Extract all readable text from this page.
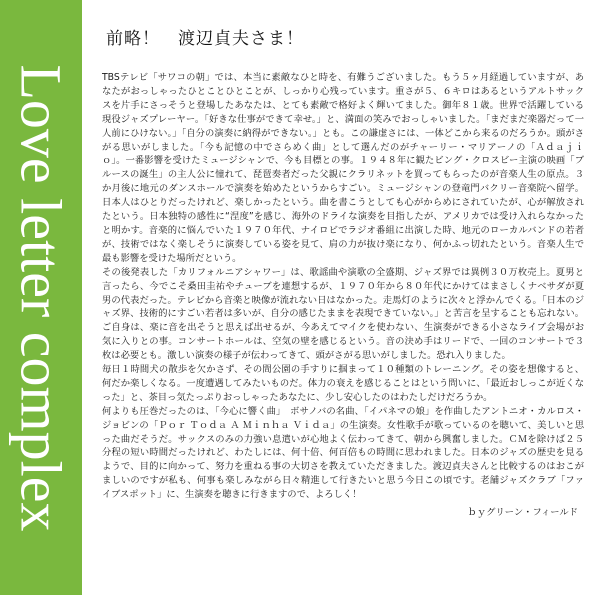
Love letter complex
前略！　渡辺貞夫さま！

TBSテレビ「サワコの朝」では、本当に素敵なひと時を、有難うございました。もう５ヶ月経過していますが、あなたがおっしゃったひとことひとことが、しっかり心残っています。重さが５、６キロはあるというアルトサックスを片手にさっそうと登場したあなたは、とても素敵で格好よく輝いてました。御年８１歳。世界で活躍している現役ジャズプレーヤー。「好きな仕事ができて幸せ。」と、満面の笑みでおっしゃいました。「まだまだ楽器だって一人前にひけない。」「自分の演奏に納得ができない。」とも。この謙虚さには、一体どこから来るのだろうか。頭がさがる思いがしました。「今も記憶の中でさらめく曲」として選んだのがチャーリー・マリアーノの「Ａｄａｊｉｏ」。一番影響を受けたミュージシャンで、今も目標との事。１９４８年に観たビング・クロスビー主演の映画「ブルースの誕生」の主人公に憧れて、琵琶奏者だった父親にクラリネットを買ってもらったのが音楽人生の原点。３か月後に地元のダンスホールで演奏を始めたというからすごい。ミュージシャンの登竜門バクリー音楽院へ留学。日本人はひとりだったけれど、楽しかったという。曲を書こうとしても心がからめにされていたが、心が解放されたという。日本独特の感性に“涅度”を感じ、海外のドライな演奏を目指したが、アメリカでは受け入れらなかったと明かす。音楽的に悩んでいた１９７０年代、ナイロビでラジオ番組に出演した時、地元のローカルバンドの若者が、技術ではなく楽しそうに演奏している姿を見て、肩の力が抜け楽になり、何かふっ切れたという。音楽人生で最も影響を受けた場所だという。

その後発表した「カリフォルニアシャワー」は、歌謡曲や演歌の全盛期、ジャズ界では異例３０万枚売上。夏男と言ったら、今でこそ桑田圭祐やチューブを連想するが、１９７０年から８０年代にかけてはまさしくナベサダが夏男の代表だった。テレビから音楽と映像が流れない日はなかった。走馬灯のように次々と浮かんでくる。「日本のジャズ界、技術的にすごい若者は多いが、自分の感じたままを表現できていない。」と苦言を呈することも忘れない。ご自身は、楽に音を出そうと思えば出せるが、今あえてマイクを使わない、生演奏ができる小さなライブ会場がお気に入りとの事。コンサートホールは、空気の壁を感じるという。音の決め手はリードで、一回のコンサートで３枚は必要とも。激しい演奏の様子が伝わってきて、頭がさがる思いがしました。恐れ入りました。

毎日１時間犬の散歩を欠かさず、その間公園の手すりに掴まって１０種類のトレーニング。その姿を想像すると、何だか楽しくなる。一度遭遇してみたいものだ。体力の衰えを感じることはという問いに、「最近おしっこが近くなった」と、茶目っ気たっぷりおっしゃったあなたに、少し安心したのはわたしだけだろうか。

何よりも圧巻だったのは、「今心に響く曲」　ボサノバの名曲、「イパネマの娘」を作曲したアントニオ・カルロス・ジョビンの「Ｐｏｒ Ｔｏｄａ Ａ Ｍｉｎｈａ Ｖｉｄａ」の生演奏。女性歌手が歌っているのを聴いて、美しいと思った曲だそうだ。サックスのみの力強い息遣いが心地よく伝わってきて、朝から興奮しました。ＣＭを除けば２５分程の短い時間だったけれど、わたしには、何十倍、何百倍もの時間に思われました。日本のジャズの歴史を見るようで、目的に向かって、努力を重ねる事の大切さを教えていただきました。渡辺貞夫さんと比較するのはおこがましいのですが私も、何事も楽しみながら日々精進して行きたいと思う今日この頃です。老舗ジャズクラブ「ファイブスポット」に、生演奏を聴きに行きますので、よろしく！

ｂｙグリーン・フィールド
